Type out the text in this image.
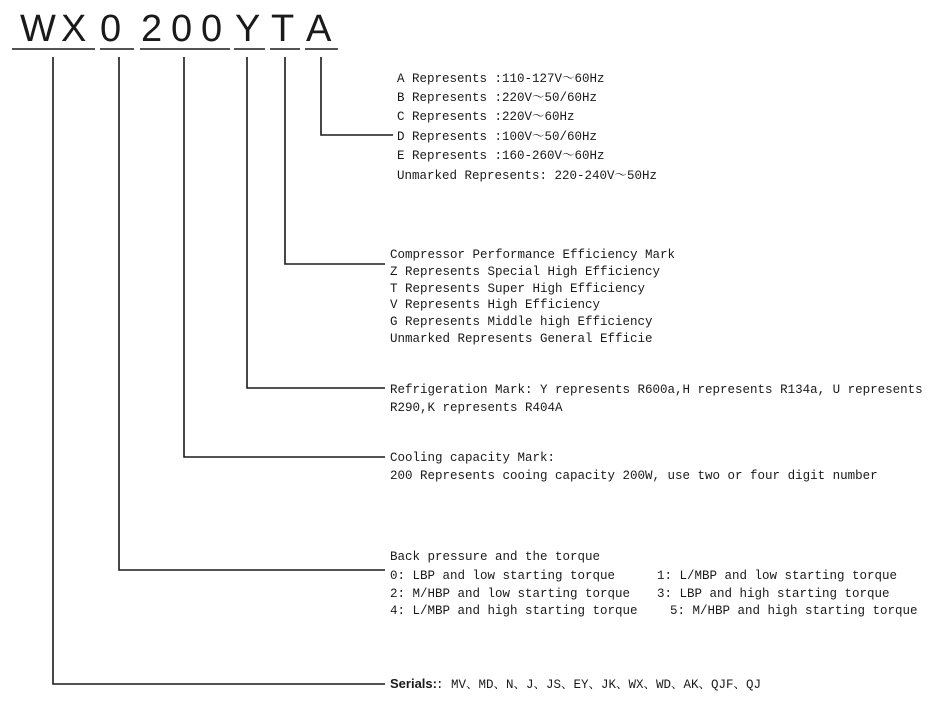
W X 0 2 0 0 Y T A
A Represents :110-127V～60Hz
B Represents :220V～50/60Hz
C Represents :220V～60Hz
D Represents :100V～50/60Hz
E Represents :160-260V～60Hz
Unmarked Represents: 220-240V～50Hz
Compressor Performance Efficiency Mark
Z Represents Special High Efficiency
T Represents Super High Efficiency
V Represents High Efficiency
G Represents Middle high Efficiency
Unmarked Represents General Efficie
Refrigeration Mark: Y represents R600a,H represents R134a, U represents
R290,K represents R404A
Cooling capacity Mark:
200 Represents cooing capacity 200W, use two or four digit number
Back pressure and the torque
0: LBP and low starting torque	1: L/MBP and low starting torque
2: M/HBP and low starting torque 3: LBP and high starting torque
4: L/MBP and high starting torque	5: M/HBP and high starting torque
Serials: : MV、MD、N、J、JS、EY、JK、WX、WD、AK、QJF、QJ
